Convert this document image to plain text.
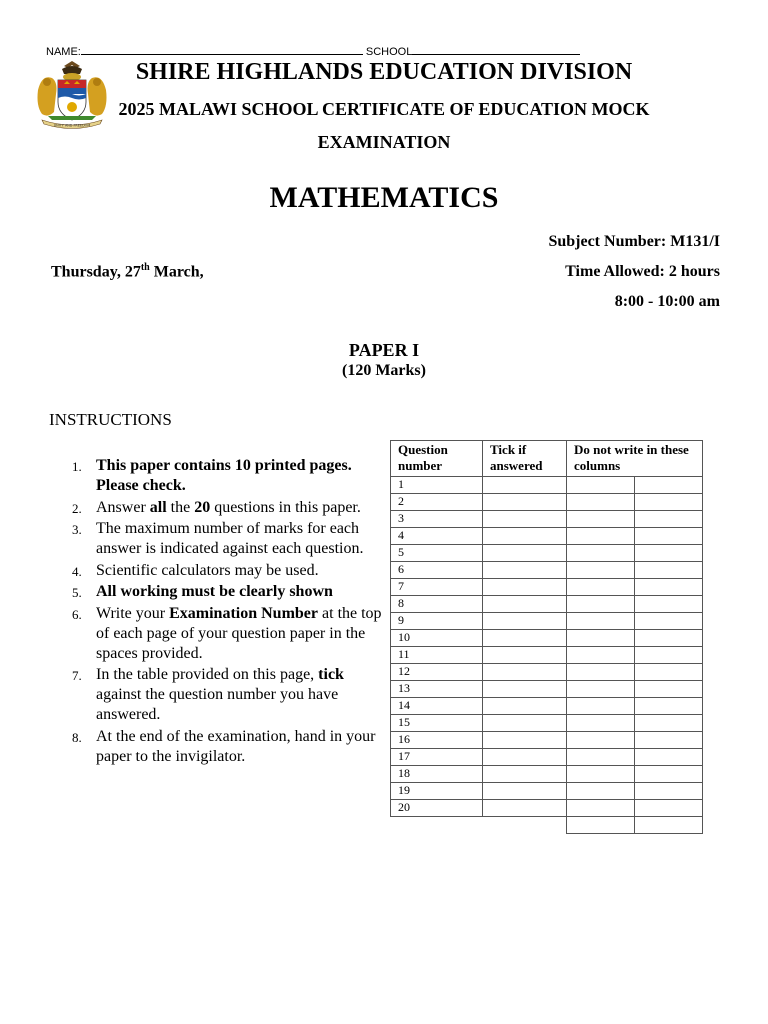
NAME:	SCHOOL
UNITY AND FREEDOM
SHIRE HIGHLANDS EDUCATION DIVISION
2025 MALAWI SCHOOL CERTIFICATE OF EDUCATION MOCK
EXAMINATION
MATHEMATICS
Subject Number: M131/I
Time Allowed: 2 hours
8:00 - 10:00 am
Thursday, 27th March,
PAPER I
(120 Marks)
INSTRUCTIONS
1. This paper contains 10 printed pages. Please check.
2. Answer all the 20 questions in this paper.
3. The maximum number of marks for each answer is indicated against each question.
4. Scientific calculators may be used.
5. All working must be clearly shown
6. Write your Examination Number at the top of each page of your question paper in the spaces provided.
7. In the table provided on this page, tick against the question number you have answered.
8. At the end of the examination, hand in your paper to the invigilator.
Question number	Tick if answered	Do not write in these columns	
1			
2			
3			
4			
5			
6			
7			
8			
9			
10			
11			
12			
13			
14			
15			
16			
17			
18			
19			
20			
